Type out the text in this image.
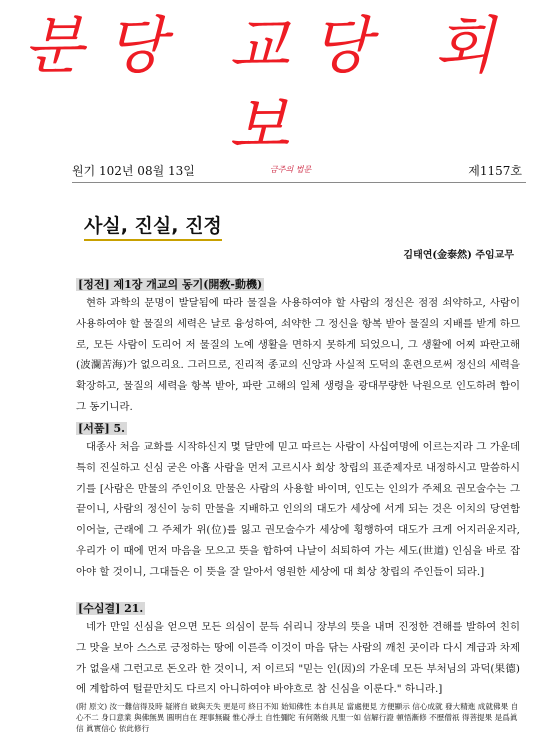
분당 교당 회보
원기 102년 08월 13일	금주의 법문	제1157호
사실, 진실, 진정
김태연(金泰然) 주임교무
[정전] 제1장 개교의 동기(開敎-動機)
현하 과학의 문명이 발달됨에 따라 물질을 사용하여야 할 사람의 정신은 점점 쇠약하고, 사람이 사용하여야 할 물질의 세력은 날로 융성하여, 쇠약한 그 정신을 항복 받아 물질의 지배를 받게 하므로, 모든 사람이 도리어 저 물질의 노예 생활을 면하지 못하게 되었으니, 그 생활에 어찌 파란고해(波瀾苦海)가 없으리요. 그러므로, 진리적 종교의 신앙과 사실적 도덕의 훈련으로써 정신의 세력을 확장하고, 물질의 세력을 항복 받아, 파란 고해의 일체 생령을 광대무량한 낙원으로 인도하려 함이 그 동기니라.
[서품] 5.
대종사 처음 교화를 시작하신지 몇 달만에 믿고 따르는 사람이 사십여명에 이르는지라 그 가운데 특히 진실하고 신심 굳은 아홉 사람을 먼저 고르시사 회상 창립의 표준제자로 내정하시고 말씀하시기를 [사람은 만물의 주인이요 만물은 사람의 사용할 바이며, 인도는 인의가 주체요 권모술수는 그 끝이니, 사람의 정신이 능히 만물을 지배하고 인의의 대도가 세상에 서게 되는 것은 이치의 당연함이어늘, 근래에 그 주체가 위(位)를 잃고 권모술수가 세상에 횡행하여 대도가 크게 어지러운지라, 우리가 이 때에 먼저 마음을 모으고 뜻을 합하여 나날이 쇠퇴하여 가는 세도(世道) 인심을 바로 잡아야 할 것이니, 그대들은 이 뜻을 잘 알아서 영원한 세상에 대 회상 창립의 주인들이 되라.]
[수심결] 21.
네가 만일 신심을 얻으면 모든 의심이 문득 쉬리니 장부의 뜻을 내며 진정한 견해를 발하여 친히 그 맛을 보아 스스로 긍정하는 땅에 이른즉 이것이 마음 닦는 사람의 깨친 곳이라 다시 계급과 차제가 없을새 그런고로 돈오라 한 것이니, 저 이르되 "믿는 인(因)의 가운데 모든 부처님의 과덕(果德)에 계합하여 털끝만치도 다르지 아니하여야 바야흐로 참 신심을 이룬다." 하니라.]
(附 原文) 汝一難信得及時 疑將自 破與天失 更是可 終日不知 始知佛性 本自具足 當處便見 方便顯示 信心成就 發大精進 成就佛果 自心不二 身口意業 與佛無異 圓明自在 理事無礙 惟心淨土 自性彌陀 有何階級 凡聖一如 信解行證 頓悟漸修 不歷僧祇 得菩提果 是爲眞信 眞實信心 依此修行
